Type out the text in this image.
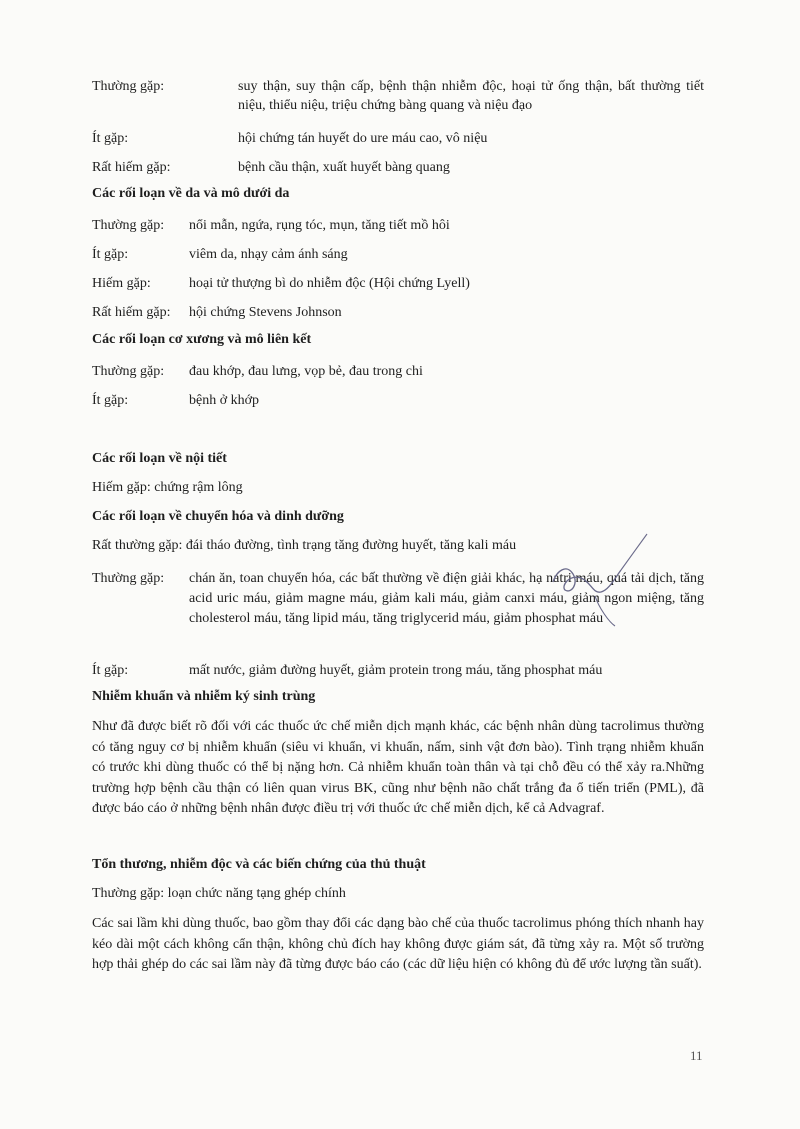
Thường gặp:	suy thận, suy thận cấp, bệnh thận nhiễm độc, hoại tử ống thận, bất thường tiết niệu, thiểu niệu, triệu chứng bàng quang và niệu đạo
Ít gặp:	hội chứng tán huyết do ure máu cao, vô niệu
Rất hiếm gặp:	bệnh cầu thận, xuất huyết bàng quang
Các rối loạn về da và mô dưới da
Thường gặp: nổi mẫn, ngứa, rụng tóc, mụn, tăng tiết mồ hôi
Ít gặp:	viêm da, nhạy cảm ánh sáng
Hiếm gặp:	hoại tử thượng bì do nhiễm độc (Hội chứng Lyell)
Rất hiếm gặp: hội chứng Stevens Johnson
Các rối loạn cơ xương và mô liên kết
Thường gặp: đau khớp, đau lưng, vọp bẻ, đau trong chi
Ít gặp:	bệnh ở khớp
Các rối loạn về nội tiết
Hiếm gặp: chứng rậm lông
Các rối loạn về chuyển hóa và dinh dưỡng
Rất thường gặp: đái tháo đường, tình trạng tăng đường huyết, tăng kali máu
Thường gặp: chán ăn, toan chuyển hóa, các bất thường về điện giải khác, hạ natri máu, quá tải dịch, tăng acid uric máu, giảm magne máu, giảm kali máu, giảm canxi máu, giảm ngon miệng, tăng cholesterol máu, tăng lipid máu, tăng triglycerid máu, giảm phosphat máu
Ít gặp:	mất nước, giảm đường huyết, giảm protein trong máu, tăng phosphat máu
Nhiễm khuẩn và nhiễm ký sinh trùng
Như đã được biết rõ đối với các thuốc ức chế miễn dịch mạnh khác, các bệnh nhân dùng tacrolimus thường có tăng nguy cơ bị nhiễm khuẩn (siêu vi khuẩn, vi khuẩn, nấm, sinh vật đơn bào). Tình trạng nhiễm khuẩn có trước khi dùng thuốc có thể bị nặng hơn. Cả nhiễm khuẩn toàn thân và tại chỗ đều có thể xảy ra.Những trường hợp bệnh cầu thận có liên quan virus BK, cũng như bệnh não chất trắng đa ổ tiến triển (PML), đã được báo cáo ở những bệnh nhân được điều trị với thuốc ức chế miễn dịch, kể cả Advagraf.
Tổn thương, nhiễm độc và các biến chứng của thủ thuật
Thường gặp: loạn chức năng tạng ghép chính
Các sai lầm khi dùng thuốc, bao gồm thay đổi các dạng bào chế của thuốc tacrolimus phóng thích nhanh hay kéo dài một cách không cẩn thận, không chủ đích hay không được giám sát, đã từng xảy ra. Một số trường hợp thải ghép do các sai lầm này đã từng được báo cáo (các dữ liệu hiện có không đủ để ước lượng tần suất).
11
